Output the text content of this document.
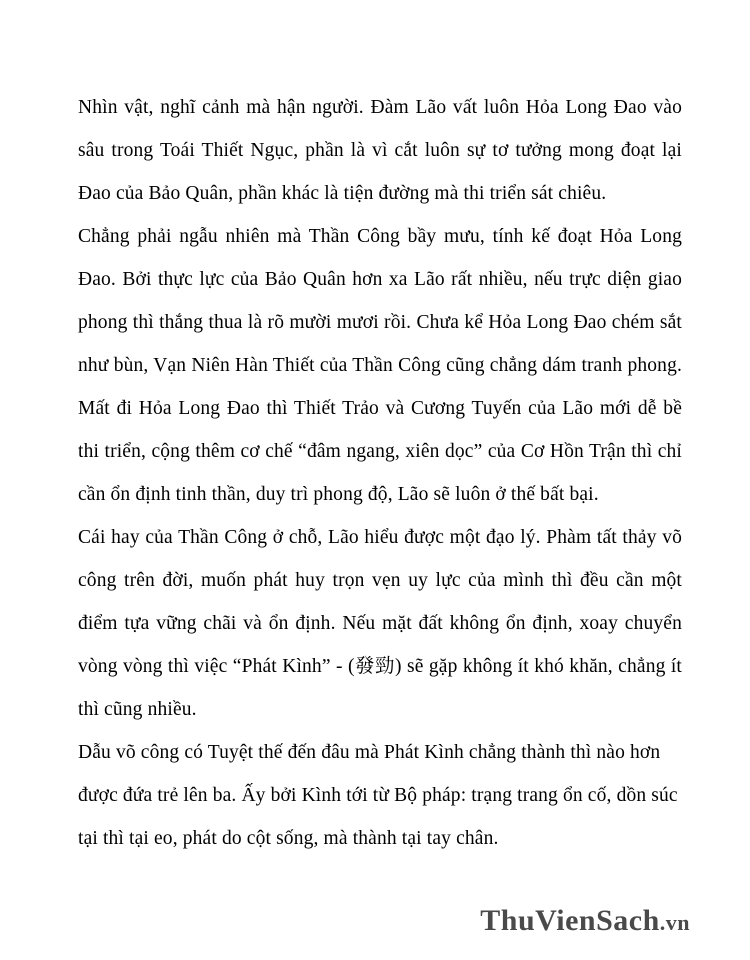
Nhìn vật, nghĩ cảnh mà hận người. Đàm Lão vất luôn Hỏa Long Đao vào sâu trong Toái Thiết Ngục, phần là vì cắt luôn sự tơ tưởng mong đoạt lại Đao của Bảo Quân, phần khác là tiện đường mà thi triển sát chiêu.

Chẳng phải ngẫu nhiên mà Thần Công bầy mưu, tính kế đoạt Hỏa Long Đao. Bởi thực lực của Bảo Quân hơn xa Lão rất nhiều, nếu trực diện giao phong thì thắng thua là rõ mười mươi rồi. Chưa kể Hỏa Long Đao chém sắt như bùn, Vạn Niên Hàn Thiết của Thần Công cũng chẳng dám tranh phong. Mất đi Hỏa Long Đao thì Thiết Trảo và Cương Tuyến của Lão mới dễ bề thi triển, cộng thêm cơ chế “đâm ngang, xiên dọc” của Cơ Hồn Trận thì chỉ cần ổn định tinh thần, duy trì phong độ, Lão sẽ luôn ở thế bất bại.

Cái hay của Thần Công ở chỗ, Lão hiểu được một đạo lý. Phàm tất thảy võ công trên đời, muốn phát huy trọn vẹn uy lực của mình thì đều cần một điểm tựa vững chãi và ổn định. Nếu mặt đất không ổn định, xoay chuyển vòng vòng thì việc “Phát Kình” - (發勁) sẽ gặp không ít khó khăn, chẳng ít thì cũng nhiều.

Dẫu võ công có Tuyệt thế đến đâu mà Phát Kình chẳng thành thì nào hơn được đứa trẻ lên ba. Ấy bởi Kình tới từ Bộ pháp: trạng trang ổn cố, dồn súc tại thì tại eo, phát do cột sống, mà thành tại tay chân.

ThuVienSach.vn
